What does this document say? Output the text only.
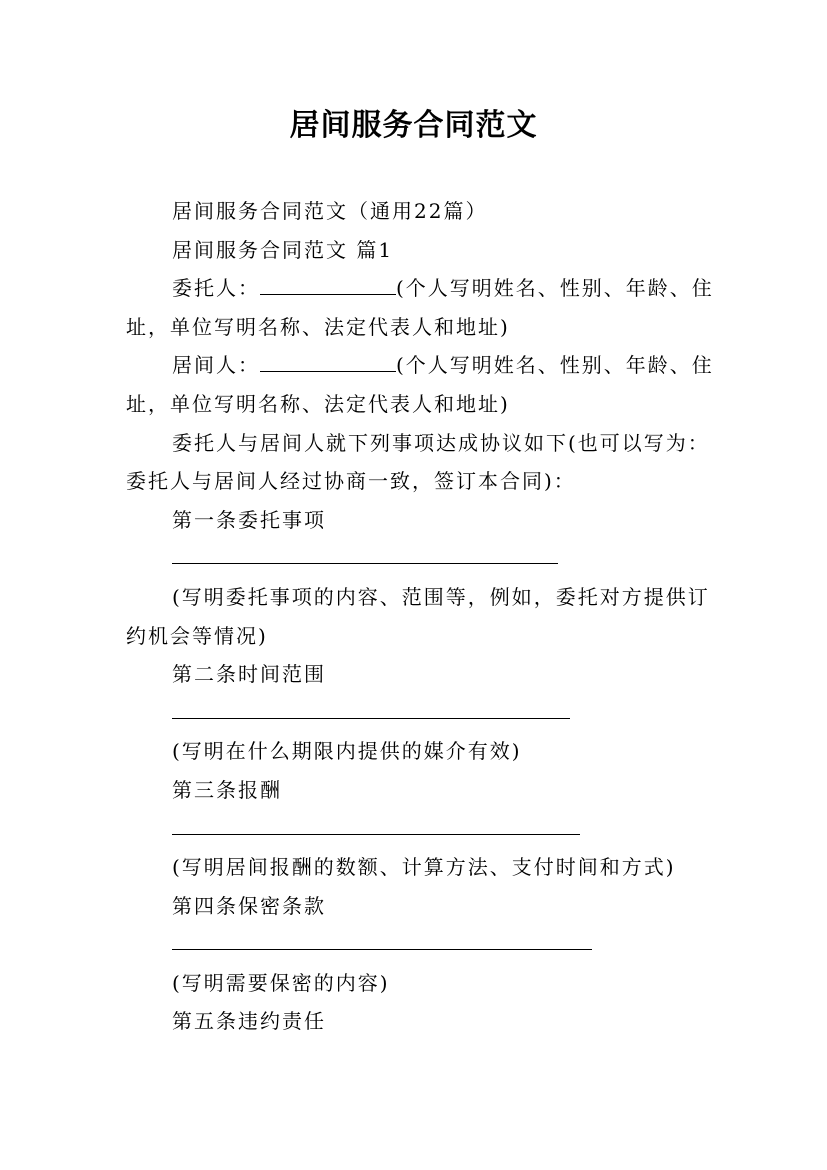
居间服务合同范文

居间服务合同范文（通用22篇）

居间服务合同范文 篇1

委托人：	(个人写明姓名、性别、年龄、住址，单位写明名称、法定代表人和地址)

居间人：	(个人写明姓名、性别、年龄、住址，单位写明名称、法定代表人和地址)

委托人与居间人就下列事项达成协议如下(也可以写为：委托人与居间人经过协商一致，签订本合同)：

第一条委托事项

(写明委托事项的内容、范围等，例如，委托对方提供订约机会等情况)

第二条时间范围

(写明在什么期限内提供的媒介有效)

第三条报酬

(写明居间报酬的数额、计算方法、支付时间和方式)

第四条保密条款

(写明需要保密的内容)

第五条违约责任
